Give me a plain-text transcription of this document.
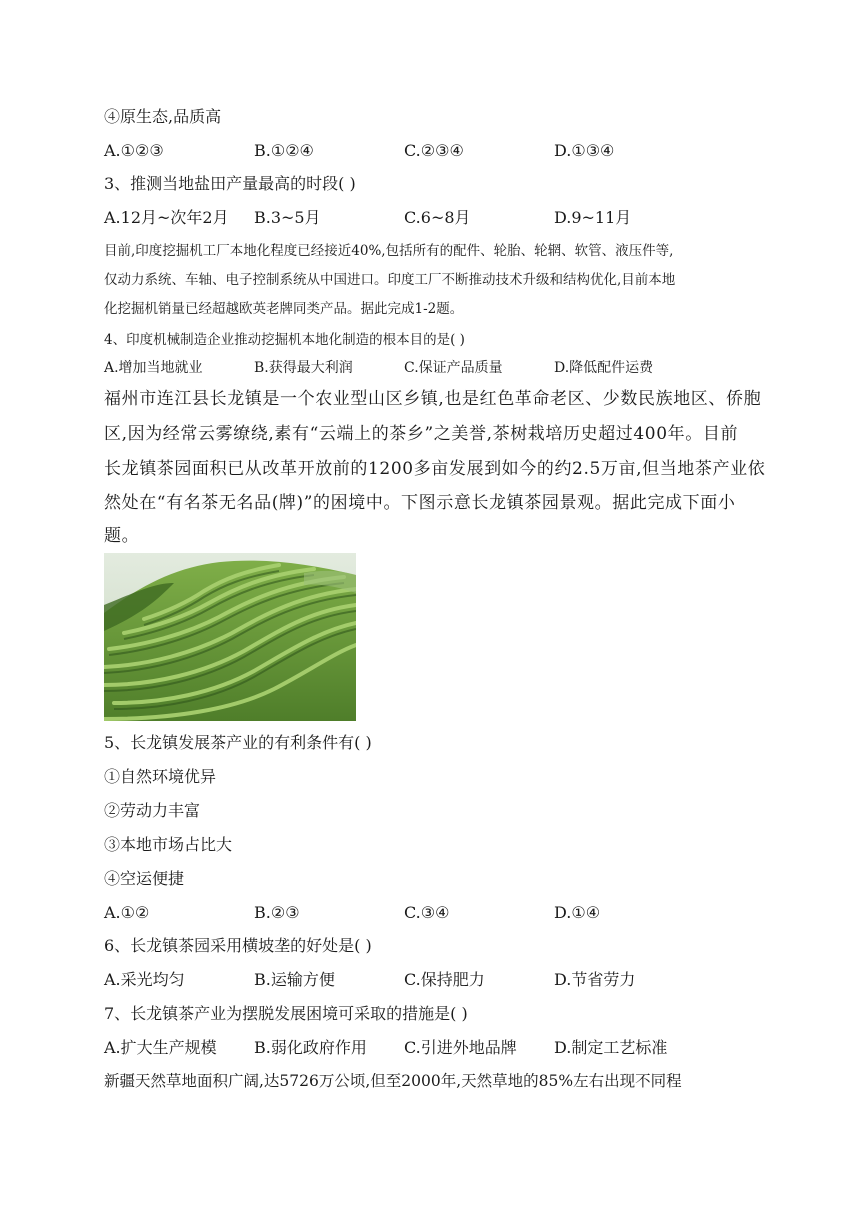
④原生态,品质高
A.①②③	B.①②④	C.②③④	D.①③④
3、推测当地盐田产量最高的时段( )
A.12月~次年2月 B.3~5月	C.6~8月	D.9~11月
目前,印度挖掘机工厂本地化程度已经接近40%,包括所有的配件、轮胎、轮辋、软管、液压件等,
仅动力系统、车轴、电子控制系统从中国进口。印度工厂不断推动技术升级和结构优化,目前本地
化挖掘机销量已经超越欧英老牌同类产品。据此完成1-2题。
4、印度机械制造企业推动挖掘机本地化制造的根本目的是( )
A.增加当地就业	B.获得最大利润	C.保证产品质量	D.降低配件运费
福州市连江县长龙镇是一个农业型山区乡镇,也是红色革命老区、少数民族地区、侨胞
区,因为经常云雾缭绕,素有“云端上的茶乡”之美誉,茶树栽培历史超过400年。目前
长龙镇茶园面积已从改革开放前的1200多亩发展到如今的约2.5万亩,但当地茶产业依
然处在“有名茶无名品(牌)”的困境中。下图示意长龙镇茶园景观。据此完成下面小
题。
5、长龙镇发展茶产业的有利条件有( )
①自然环境优异
②劳动力丰富
③本地市场占比大
④空运便捷
A.①②	B.②③	C.③④	D.①④
6、长龙镇茶园采用横坡垄的好处是( )
A.采光均匀	B.运输方便	C.保持肥力	D.节省劳力
7、长龙镇茶产业为摆脱发展困境可采取的措施是( )
A.扩大生产规模 B.弱化政府作用 C.引进外地品牌 D.制定工艺标准
新疆天然草地面积广阔,达5726万公顷,但至2000年,天然草地的85%左右出现不同程
